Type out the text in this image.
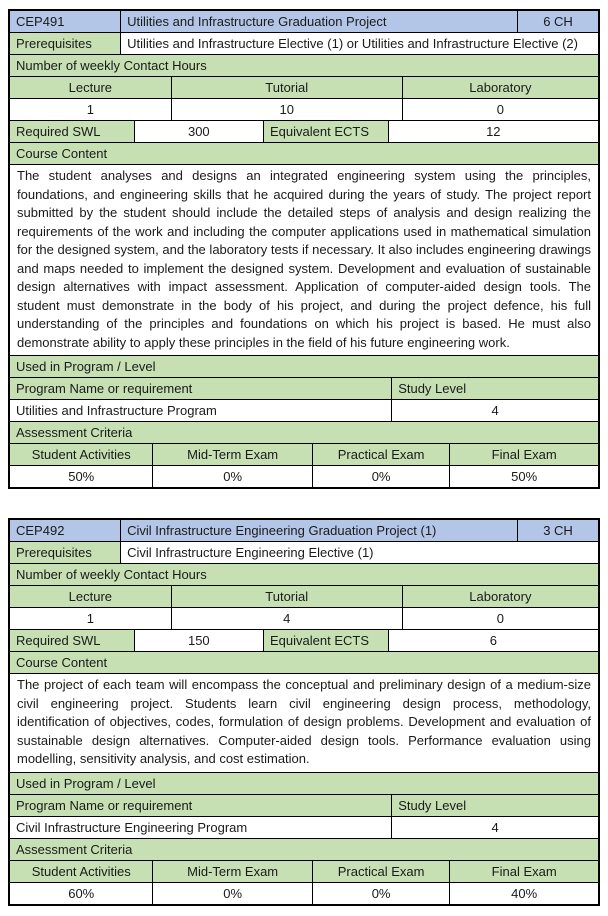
CEP491	Utilities and Infrastructure Graduation Project	6 CH
Prerequisites	Utilities and Infrastructure Elective (1) or Utilities and Infrastructure Elective (2)
Number of weekly Contact Hours
Lecture	Tutorial	Laboratory
1	10	0
Required SWL	300	Equivalent ECTS	12
Course Content
The student analyses and designs an integrated engineering system using the principles, foundations, and engineering skills that he acquired during the years of study. The project report submitted by the student should include the detailed steps of analysis and design realizing the requirements of the work and including the computer applications used in mathematical simulation for the designed system, and the laboratory tests if necessary. It also includes engineering drawings and maps needed to implement the designed system. Development and evaluation of sustainable design alternatives with impact assessment. Application of computer-aided design tools. The student must demonstrate in the body of his project, and during the project defence, his full understanding of the principles and foundations on which his project is based. He must also demonstrate ability to apply these principles in the field of his future engineering work.
Used in Program / Level
Program Name or requirement	Study Level
Utilities and Infrastructure Program	4
Assessment Criteria
Student Activities	Mid-Term Exam	Practical Exam	Final Exam
50%	0%	0%	50%
CEP492	Civil Infrastructure Engineering Graduation Project (1)	3 CH
Prerequisites	Civil Infrastructure Engineering Elective (1)
Number of weekly Contact Hours
Lecture	Tutorial	Laboratory
1	4	0
Required SWL	150	Equivalent ECTS	6
Course Content
The project of each team will encompass the conceptual and preliminary design of a medium-size civil engineering project. Students learn civil engineering design process, methodology, identification of objectives, codes, formulation of design problems. Development and evaluation of sustainable design alternatives. Computer-aided design tools. Performance evaluation using modelling, sensitivity analysis, and cost estimation.
Used in Program / Level
Program Name or requirement	Study Level
Civil Infrastructure Engineering Program	4
Assessment Criteria
Student Activities	Mid-Term Exam	Practical Exam	Final Exam
60%	0%	0%	40%
